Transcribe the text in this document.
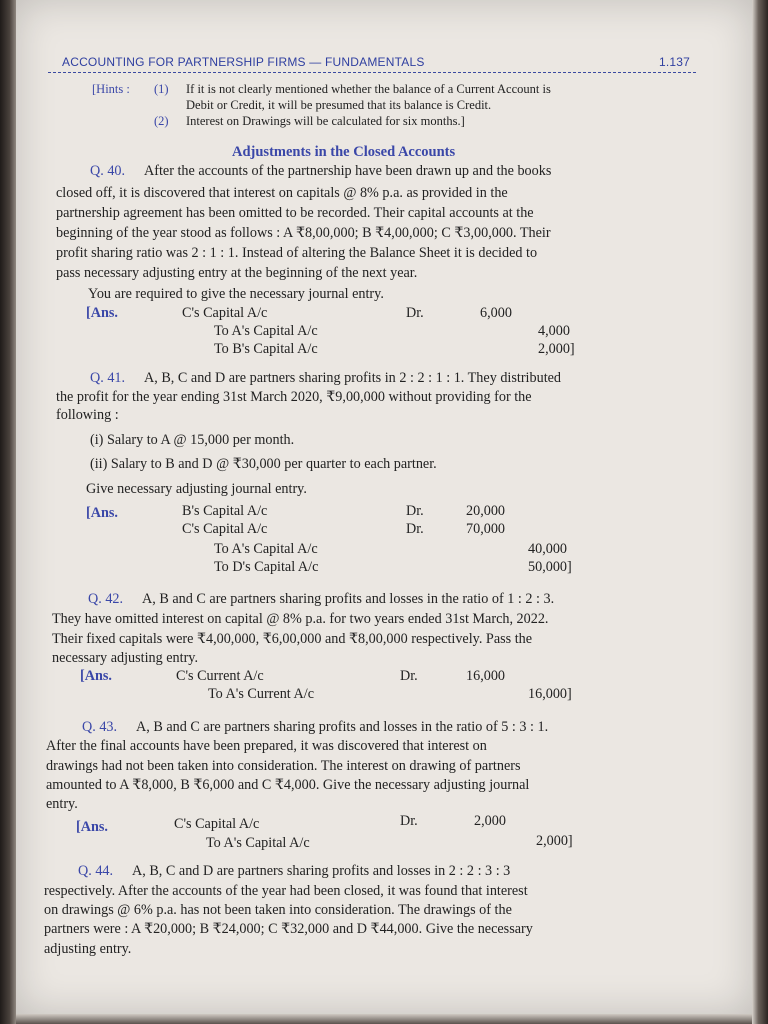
ACCOUNTING FOR PARTNERSHIP FIRMS — FUNDAMENTALS	1.137
[Hints : (1) If it is not clearly mentioned whether the balance of a Current Account is
Debit or Credit, it will be presumed that its balance is Credit.
(2) Interest on Drawings will be calculated for six months.]
Adjustments in the Closed Accounts
Q. 40. After the accounts of the partnership have been drawn up and the books
closed off, it is discovered that interest on capitals @ 8% p.a. as provided in the
partnership agreement has been omitted to be recorded. Their capital accounts at the
beginning of the year stood as follows : A ₹8,00,000; B ₹4,00,000; C ₹3,00,000. Their
profit sharing ratio was 2 : 1 : 1. Instead of altering the Balance Sheet it is decided to
pass necessary adjusting entry at the beginning of the next year.
You are required to give the necessary journal entry.
[Ans.	C's Capital A/c	Dr.	6,000
To A's Capital A/c	4,000
To B's Capital A/c	2,000]
Q. 41. A, B, C and D are partners sharing profits in 2 : 2 : 1 : 1. They distributed
the profit for the year ending 31st March 2020, ₹9,00,000 without providing for the
following :
(i) Salary to A @ 15,000 per month.
(ii) Salary to B and D @ ₹30,000 per quarter to each partner.
Give necessary adjusting journal entry.
[Ans.	B's Capital A/c	Dr.	20,000
C's Capital A/c	Dr.	70,000
To A's Capital A/c	40,000
To D's Capital A/c	50,000]
Q. 42. A, B and C are partners sharing profits and losses in the ratio of 1 : 2 : 3.
They have omitted interest on capital @ 8% p.a. for two years ended 31st March, 2022.
Their fixed capitals were ₹4,00,000, ₹6,00,000 and ₹8,00,000 respectively. Pass the
necessary adjusting entry.
[Ans.	C's Current A/c	Dr.	16,000
To A's Current A/c	16,000]
Q. 43. A, B and C are partners sharing profits and losses in the ratio of 5 : 3 : 1.
After the final accounts have been prepared, it was discovered that interest on
drawings had not been taken into consideration. The interest on drawing of partners
amounted to A ₹8,000, B ₹6,000 and C ₹4,000. Give the necessary adjusting journal
entry.
[Ans.	C's Capital A/c	Dr.	2,000
To A's Capital A/c	2,000]
Q. 44. A, B, C and D are partners sharing profits and losses in 2 : 2 : 3 : 3
respectively. After the accounts of the year had been closed, it was found that interest
on drawings @ 6% p.a. has not been taken into consideration. The drawings of the
partners were : A ₹20,000; B ₹24,000; C ₹32,000 and D ₹44,000. Give the necessary
adjusting entry.
